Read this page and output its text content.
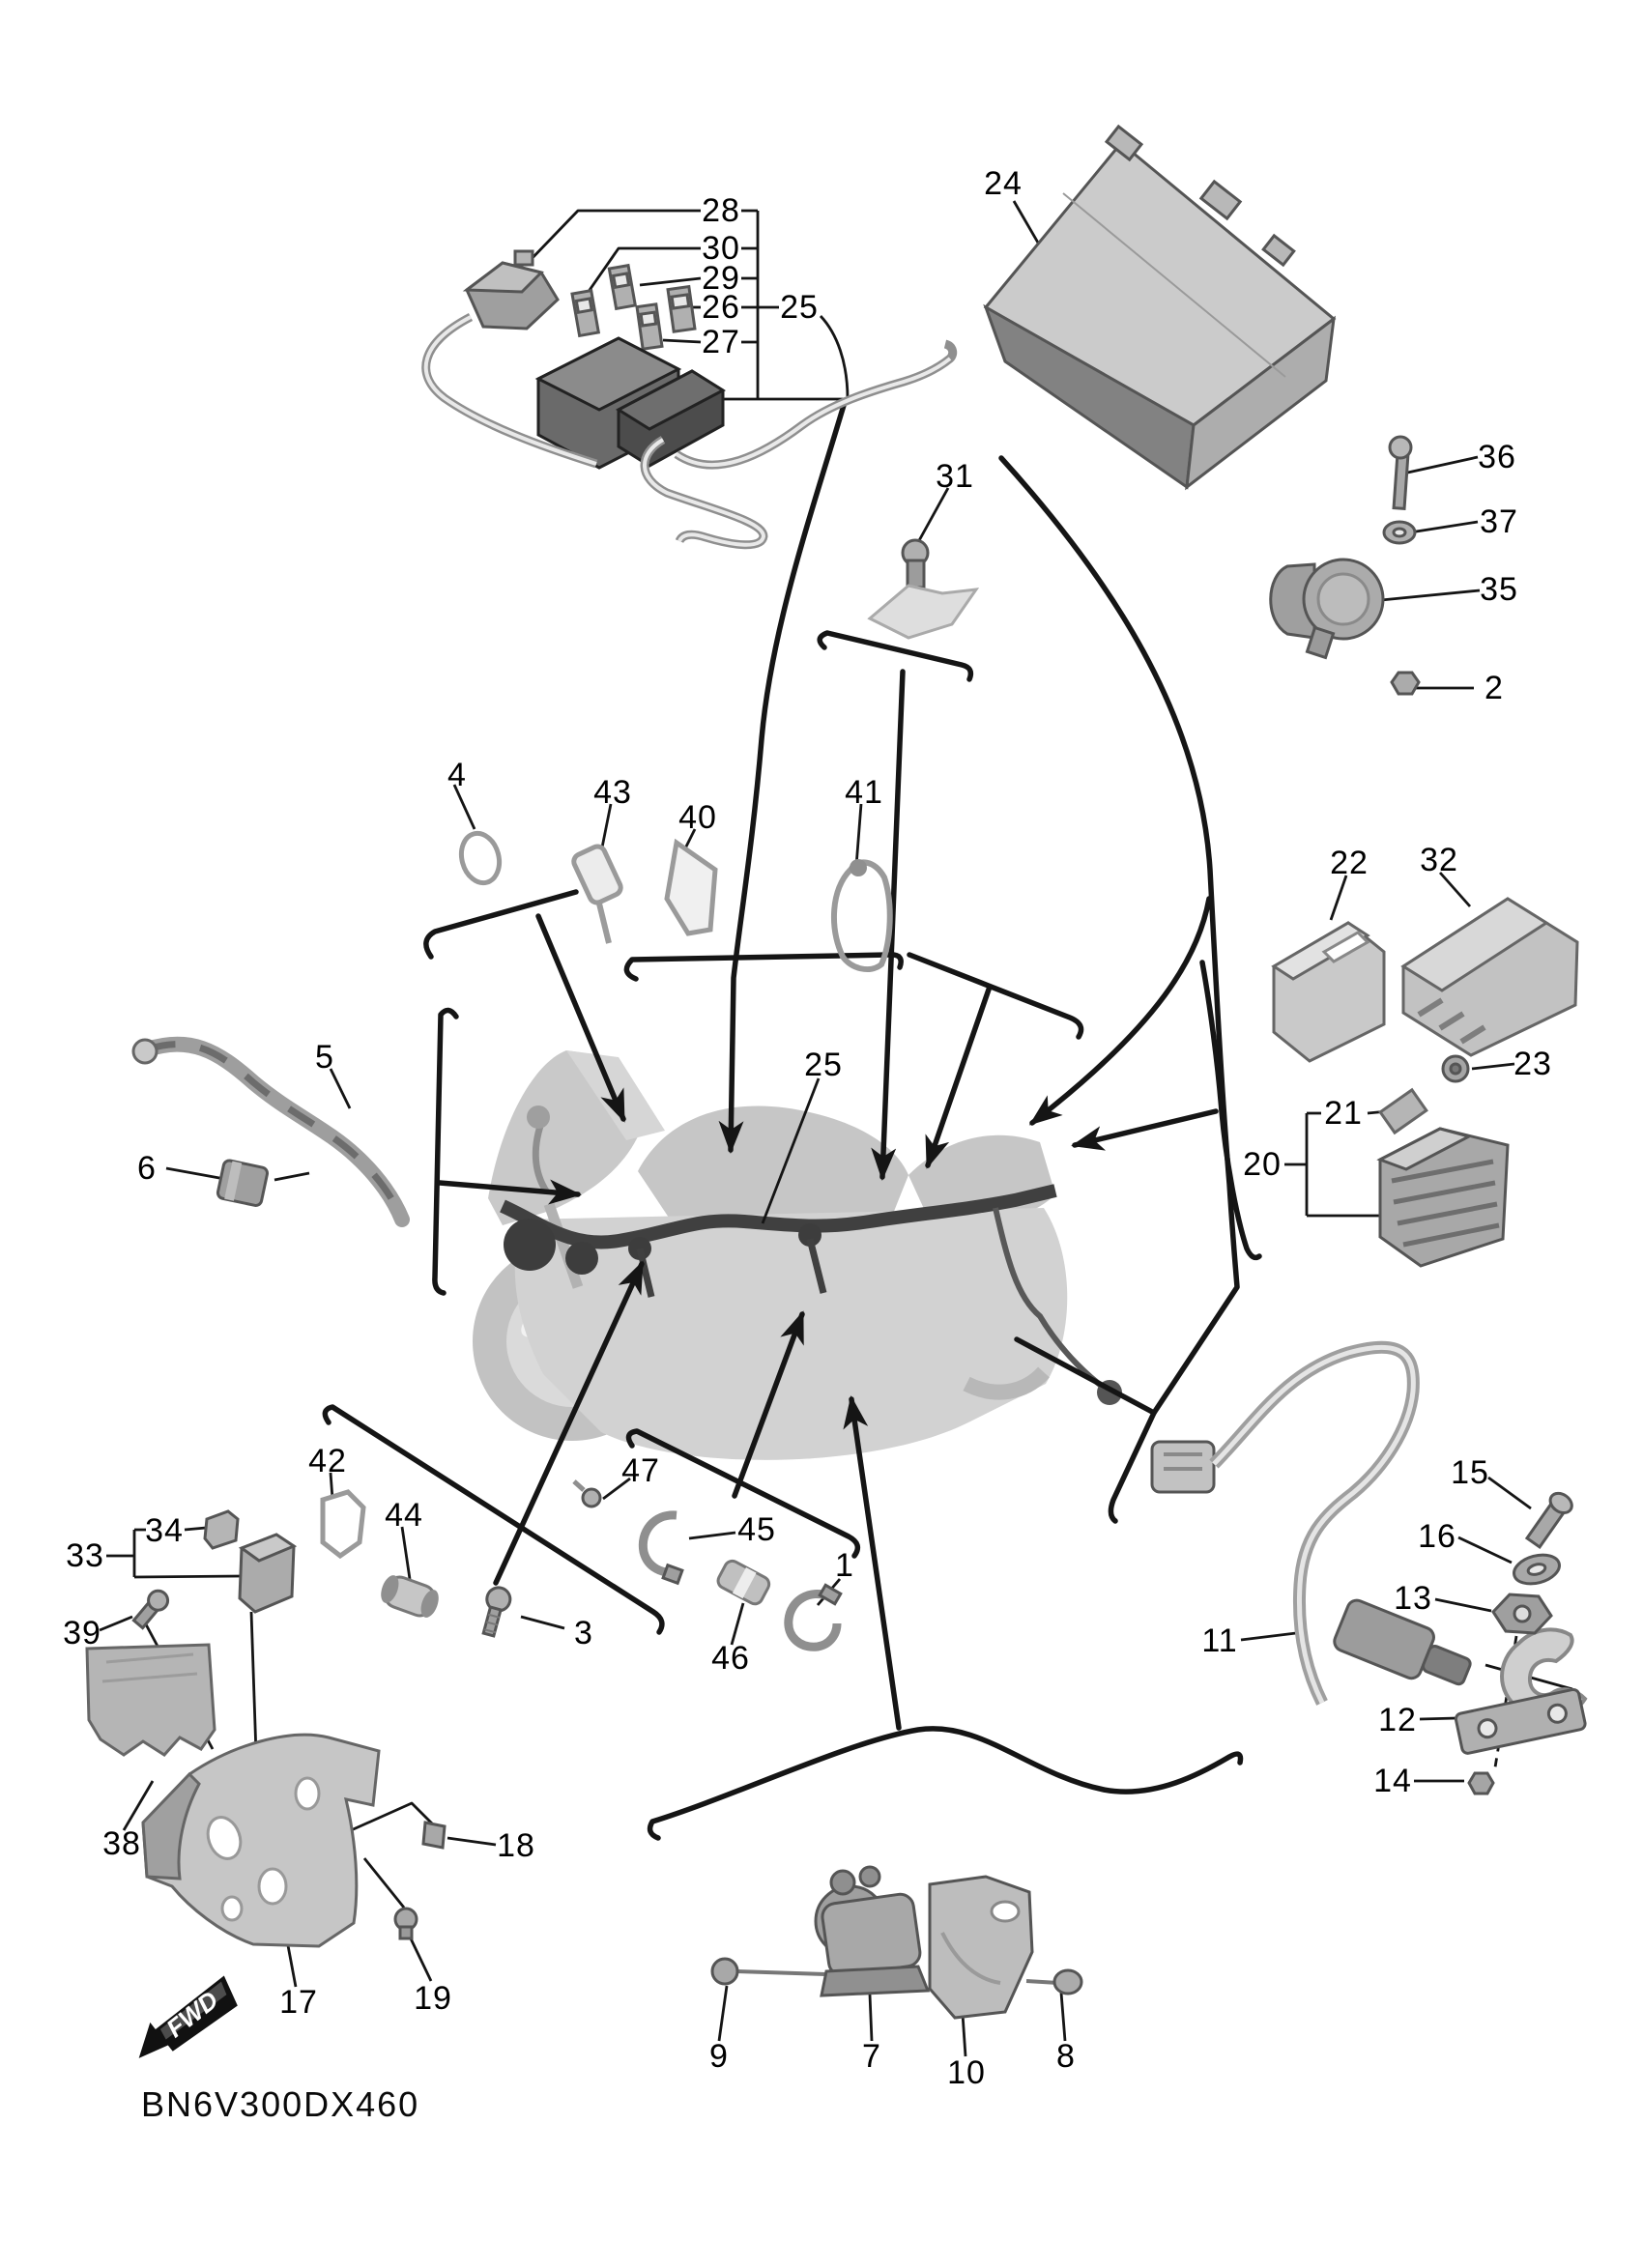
FWD
28
30
29
26 25
27
24
36
37
35
2
31
4	43
40
41
22 32
23
21
20
5
6
25
42
34
33
44
39	3
47
45
1
46
38
17
18
19
11
15
16
13
12
14
9	7 10 8
BN6V300DX460
